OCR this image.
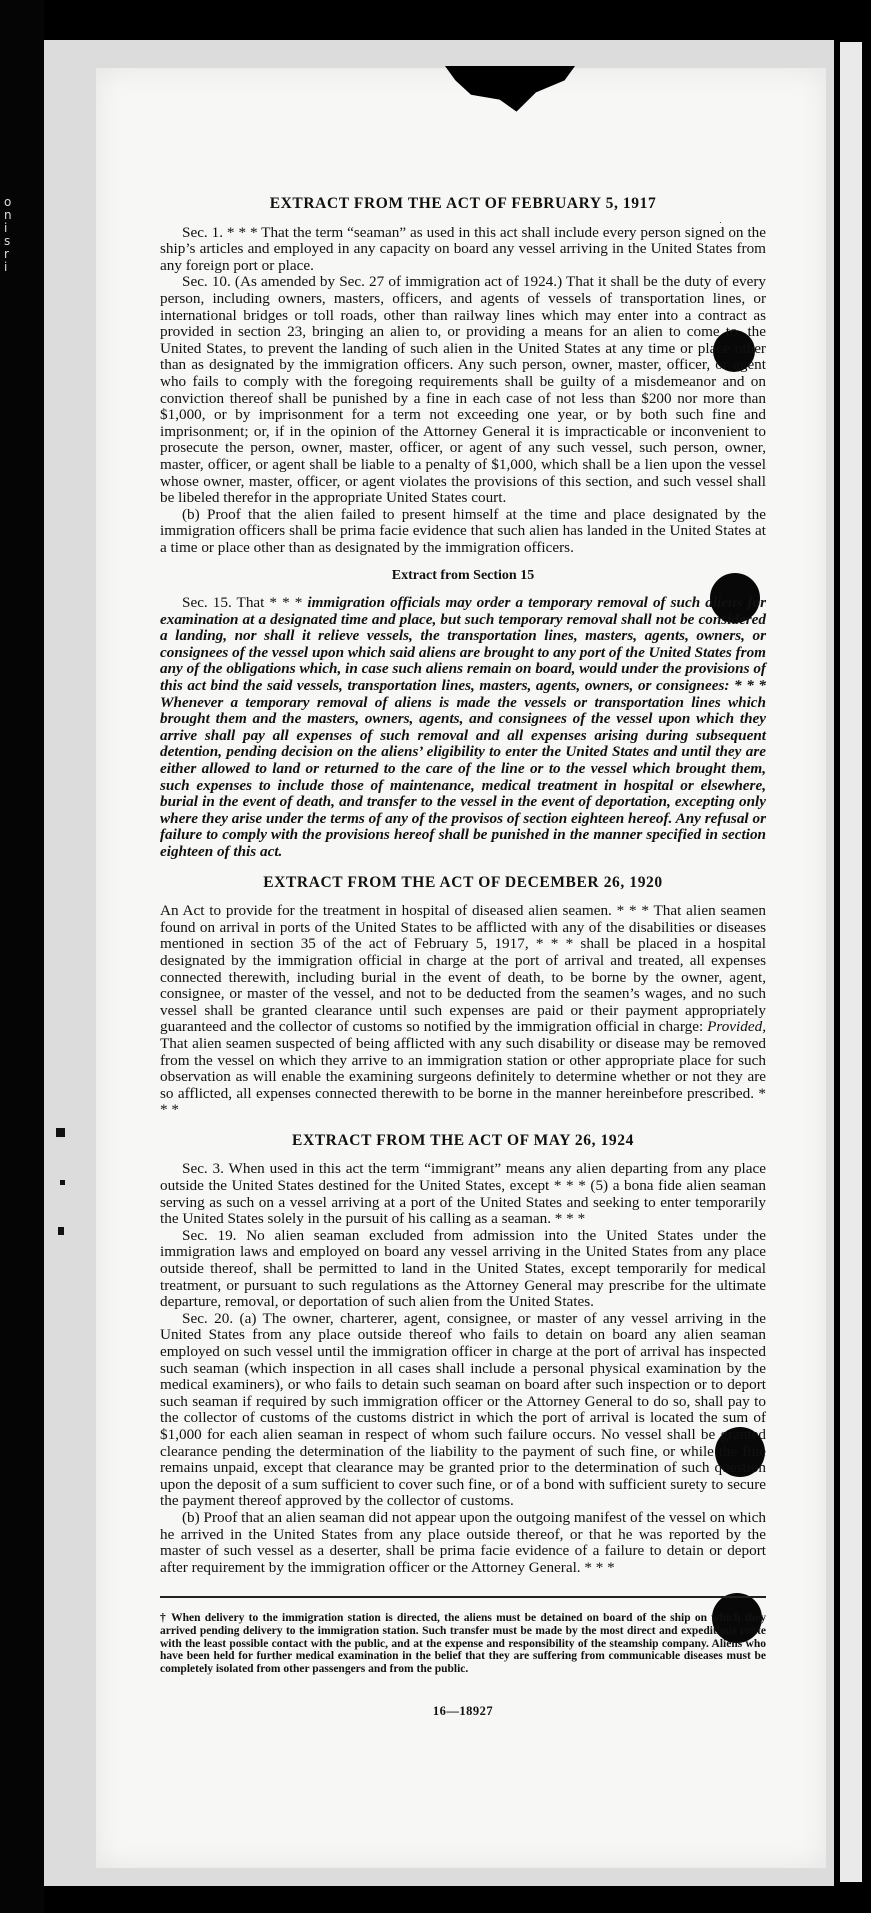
o
n
i
s
r
i
EXTRACT FROM THE ACT OF FEBRUARY 5, 1917

Sec. 1. * * * That the term “seaman” as used in this act shall include every person signed on the ship’s articles and employed in any capacity on board any vessel arriving in the United States from any foreign port or place.

Sec. 10. (As amended by Sec. 27 of immigration act of 1924.) That it shall be the duty of every person, including owners, masters, officers, and agents of vessels of transportation lines, or international bridges or toll roads, other than railway lines which may enter into a contract as provided in section 23, bringing an alien to, or providing a means for an alien to come to, the United States, to prevent the landing of such alien in the United States at any time or place other than as designated by the immigration officers. Any such person, owner, master, officer, or agent who fails to comply with the foregoing requirements shall be guilty of a misdemeanor and on conviction thereof shall be punished by a fine in each case of not less than $200 nor more than $1,000, or by imprisonment for a term not exceeding one year, or by both such fine and imprisonment; or, if in the opinion of the Attorney General it is impracticable or inconvenient to prosecute the person, owner, master, officer, or agent of any such vessel, such person, owner, master, officer, or agent shall be liable to a penalty of $1,000, which shall be a lien upon the vessel whose owner, master, officer, or agent violates the provisions of this section, and such vessel shall be libeled therefor in the appropriate United States court.

(b) Proof that the alien failed to present himself at the time and place designated by the immigration officers shall be prima facie evidence that such alien has landed in the United States at a time or place other than as designated by the immigration officers.

Extract from Section 15

Sec. 15. That * * * immigration officials may order a temporary removal of such aliens for examination at a designated time and place, but such temporary removal shall not be considered a landing, nor shall it relieve vessels, the transportation lines, masters, agents, owners, or consignees of the vessel upon which said aliens are brought to any port of the United States from any of the obligations which, in case such aliens remain on board, would under the provisions of this act bind the said vessels, transportation lines, masters, agents, owners, or consignees: * * * Whenever a temporary removal of aliens is made the vessels or transportation lines which brought them and the masters, owners, agents, and consignees of the vessel upon which they arrive shall pay all expenses of such removal and all expenses arising during subsequent detention, pending decision on the aliens’ eligibility to enter the United States and until they are either allowed to land or returned to the care of the line or to the vessel which brought them, such expenses to include those of maintenance, medical treatment in hospital or elsewhere, burial in the event of death, and transfer to the vessel in the event of deportation, excepting only where they arise under the terms of any of the provisos of section eighteen hereof. Any refusal or failure to comply with the provisions hereof shall be punished in the manner specified in section eighteen of this act.

EXTRACT FROM THE ACT OF DECEMBER 26, 1920

An Act to provide for the treatment in hospital of diseased alien seamen. * * * That alien seamen found on arrival in ports of the United States to be afflicted with any of the disabilities or diseases mentioned in section 35 of the act of February 5, 1917, * * * shall be placed in a hospital designated by the immigration official in charge at the port of arrival and treated, all expenses connected therewith, including burial in the event of death, to be borne by the owner, agent, consignee, or master of the vessel, and not to be deducted from the seamen’s wages, and no such vessel shall be granted clearance until such expenses are paid or their payment appropriately guaranteed and the collector of customs so notified by the immigration official in charge: Provided, That alien seamen suspected of being afflicted with any such disability or disease may be removed from the vessel on which they arrive to an immigration station or other appropriate place for such observation as will enable the examining surgeons definitely to determine whether or not they are so afflicted, all expenses connected therewith to be borne in the manner hereinbefore prescribed. * * *

EXTRACT FROM THE ACT OF MAY 26, 1924

Sec. 3. When used in this act the term “immigrant” means any alien departing from any place outside the United States destined for the United States, except * * * (5) a bona fide alien seaman serving as such on a vessel arriving at a port of the United States and seeking to enter temporarily the United States solely in the pursuit of his calling as a seaman. * * *

Sec. 19. No alien seaman excluded from admission into the United States under the immigration laws and employed on board any vessel arriving in the United States from any place outside thereof, shall be permitted to land in the United States, except temporarily for medical treatment, or pursuant to such regulations as the Attorney General may prescribe for the ultimate departure, removal, or deportation of such alien from the United States.

Sec. 20. (a) The owner, charterer, agent, consignee, or master of any vessel arriving in the United States from any place outside thereof who fails to detain on board any alien seaman employed on such vessel until the immigration officer in charge at the port of arrival has inspected such seaman (which inspection in all cases shall include a personal physical examination by the medical examiners), or who fails to detain such seaman on board after such inspection or to deport such seaman if required by such immigration officer or the Attorney General to do so, shall pay to the collector of customs of the customs district in which the port of arrival is located the sum of $1,000 for each alien seaman in respect of whom such failure occurs. No vessel shall be granted clearance pending the determination of the liability to the payment of such fine, or while the fine remains unpaid, except that clearance may be granted prior to the determination of such question upon the deposit of a sum sufficient to cover such fine, or of a bond with sufficient surety to secure the payment thereof approved by the collector of customs.

(b) Proof that an alien seaman did not appear upon the outgoing manifest of the vessel on which he arrived in the United States from any place outside thereof, or that he was reported by the master of such vessel as a deserter, shall be prima facie evidence of a failure to detain or deport after requirement by the immigration officer or the Attorney General. * * *

† When delivery to the immigration station is directed, the aliens must be detained on board of the ship on which they arrived pending delivery to the immigration station. Such transfer must be made by the most direct and expeditious route with the least possible contact with the public, and at the expense and responsibility of the steamship company. Aliens who have been held for further medical examination in the belief that they are suffering from communicable diseases must be completely isolated from other passengers and from the public.
16—18927
